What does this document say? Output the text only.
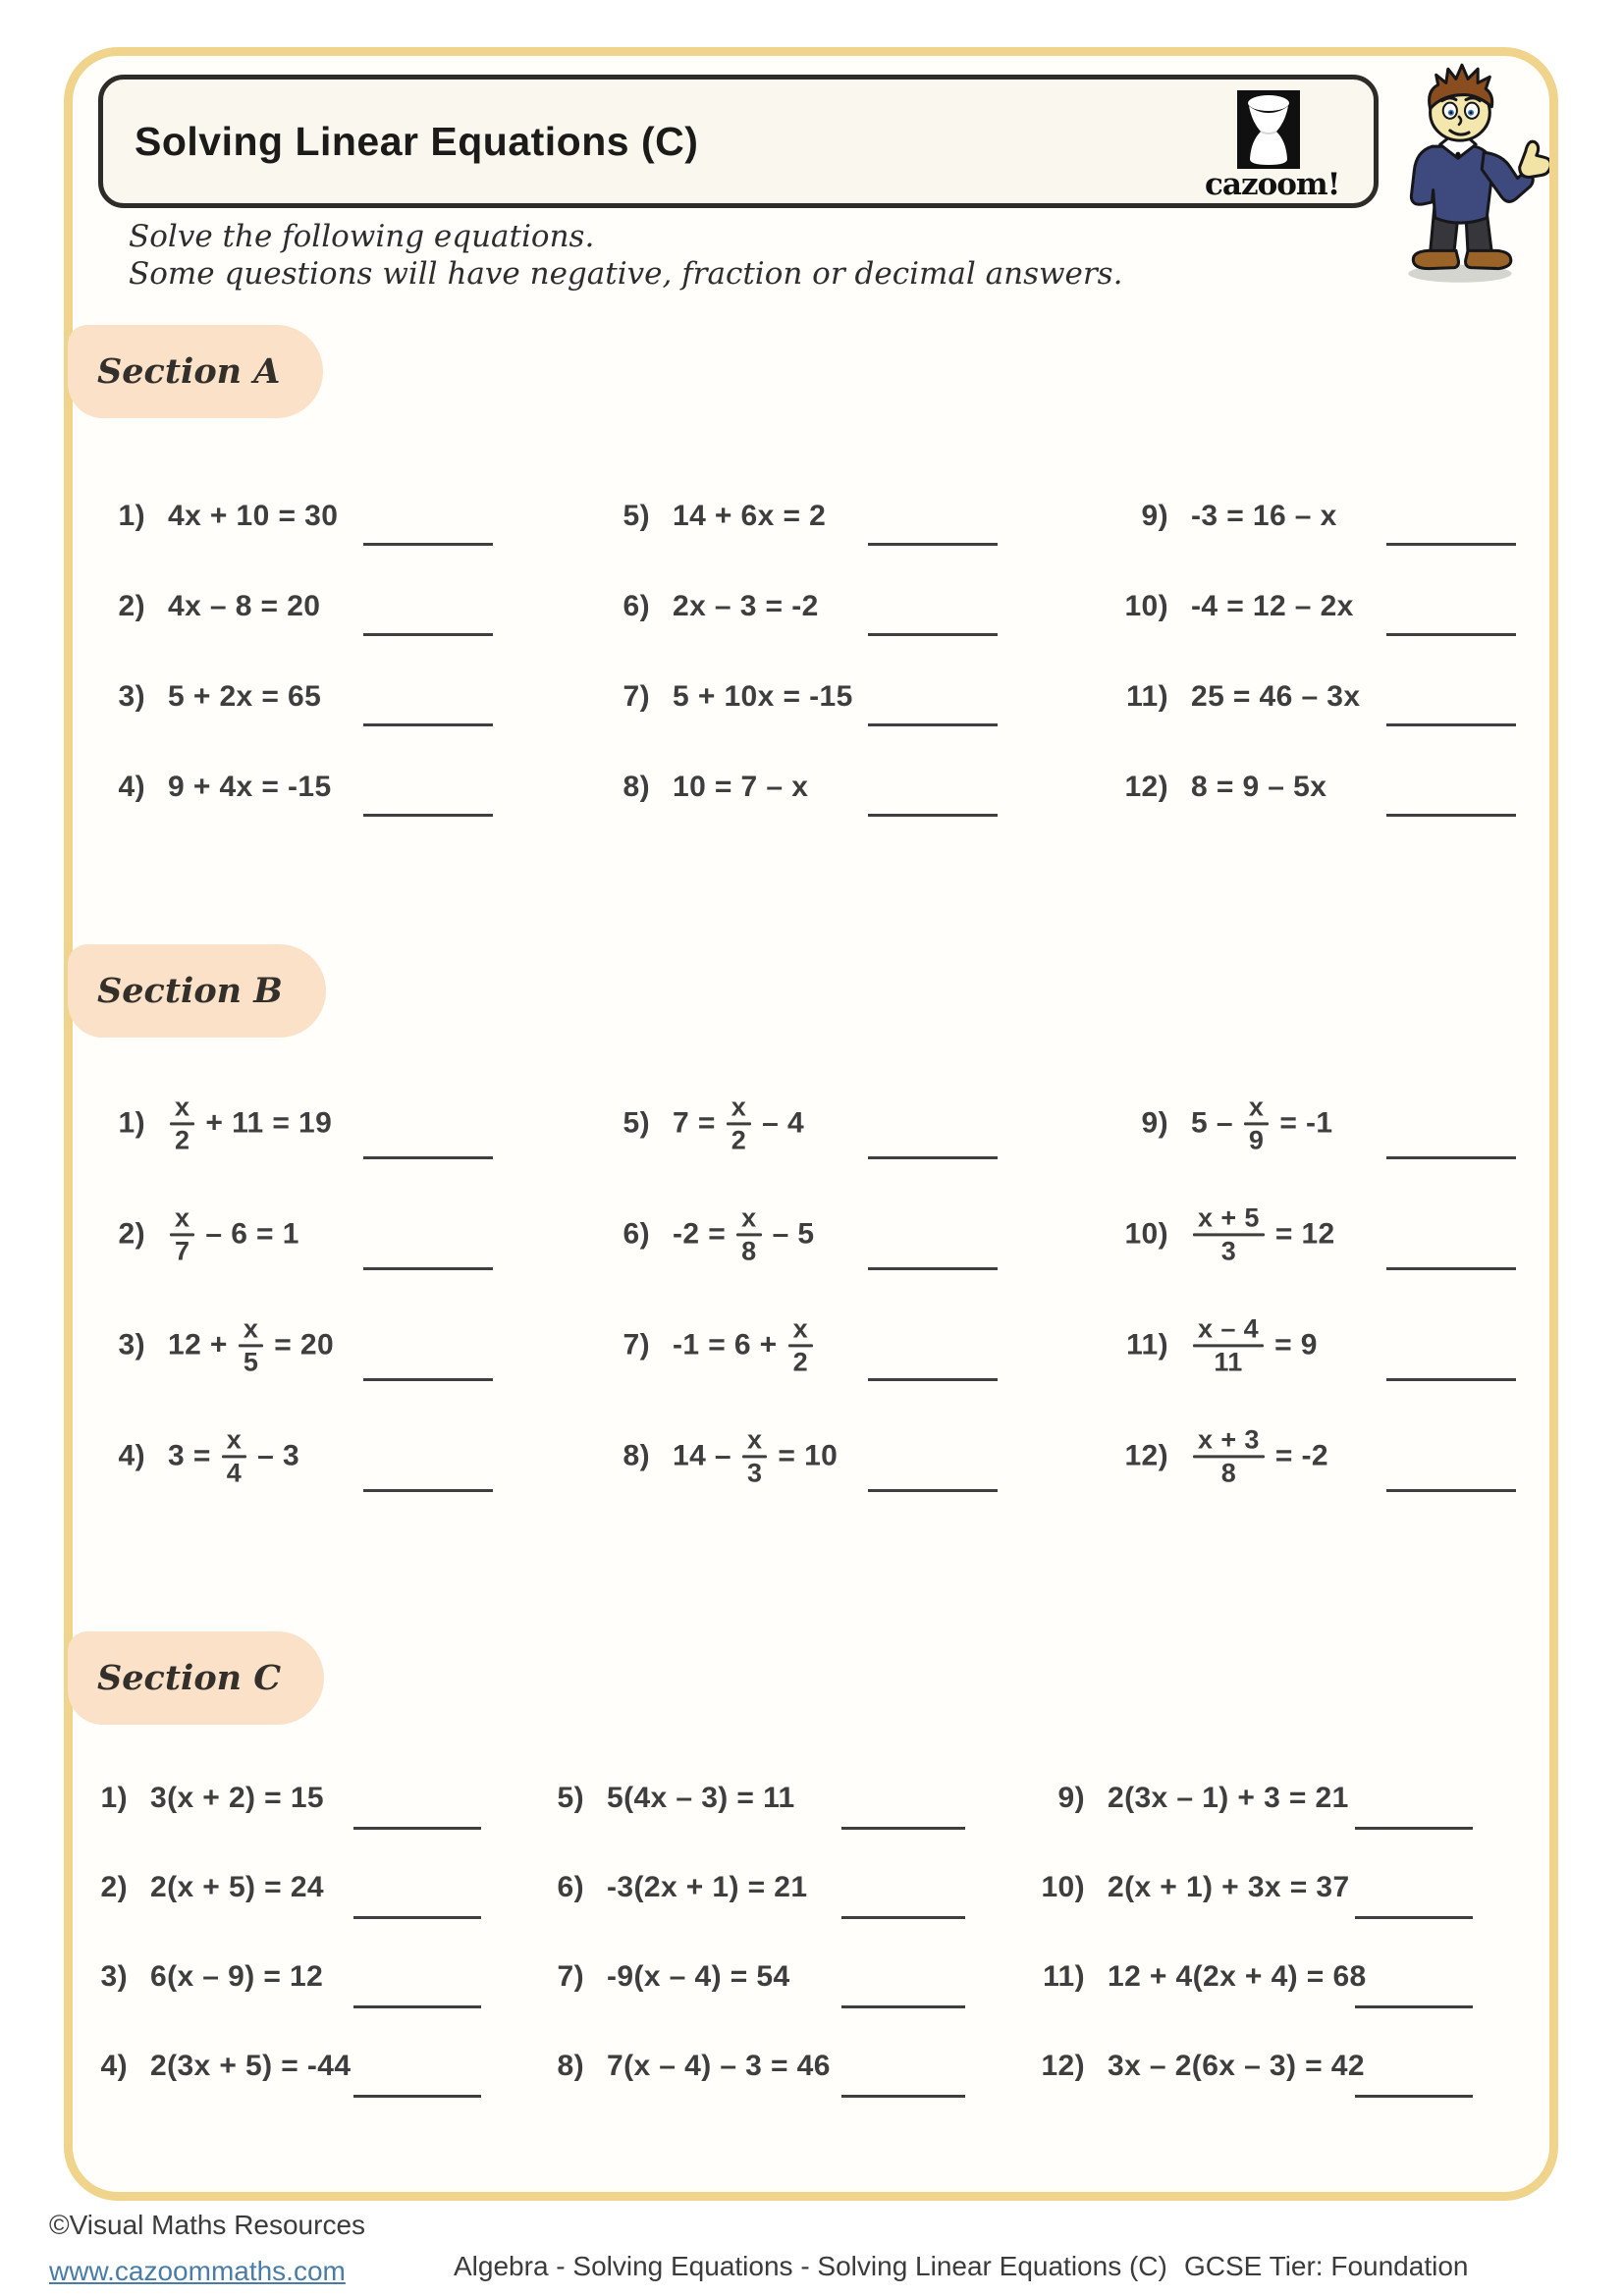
Solving Linear Equations (C)
cazoom!
Solve the following equations.
Some questions will have negative, fraction or decimal answers.
Section A
Section B
Section C
1) 4x + 10 = 30
2) 4x – 8 = 20
3) 5 + 2x = 65
4) 9 + 4x = -15
5) 14 + 6x = 2
6) 2x – 3 = -2
7) 5 + 10x = -15
8) 10 = 7 – x
9) -3 = 16 – x
10) -4 = 12 – 2x
11) 25 = 46 – 3x
12) 8 = 9 – 5x
$1) \frac{x}{2} + 11 = 19$
$2) \frac{x}{7} - 6 = 1$
3) $12 + \frac{x}{5} = 20$
4) $3 = \frac{x}{4} - 3$
5) $7 = \frac{x}{2} - 4$
6) $-2 = \frac{x}{8} - 5$
7) $-1 = 6 + \frac{x}{2}$
8) $14 - \frac{x}{3} = 10$
9) $5 - \frac{x}{9} = -1$
$10) \frac{x + 5}{3} = 12$
$11) \frac{x - 4}{11} = 9$
$12) \frac{x + 3}{8} = -2$
1) 3(x + 2) = 15
2) 2(x + 5) = 24
3) 6(x – 9) = 12
4) 2(3x + 5) = -44
5) 5(4x – 3) = 11
6) -3(2x + 1) = 21
7) -9(x – 4) = 54
8) 7(x – 4) – 3 = 46
9) 2(3x – 1) + 3 = 21
10) 2(x + 1) + 3x = 37
11) 12 + 4(2x + 4) = 68
12) 3x – 2(6x – 3) = 42
©Visual Maths Resources
www.cazoommaths.com	Algebra - Solving Equations - Solving Linear Equations (C) GCSE Tier: Foundation
